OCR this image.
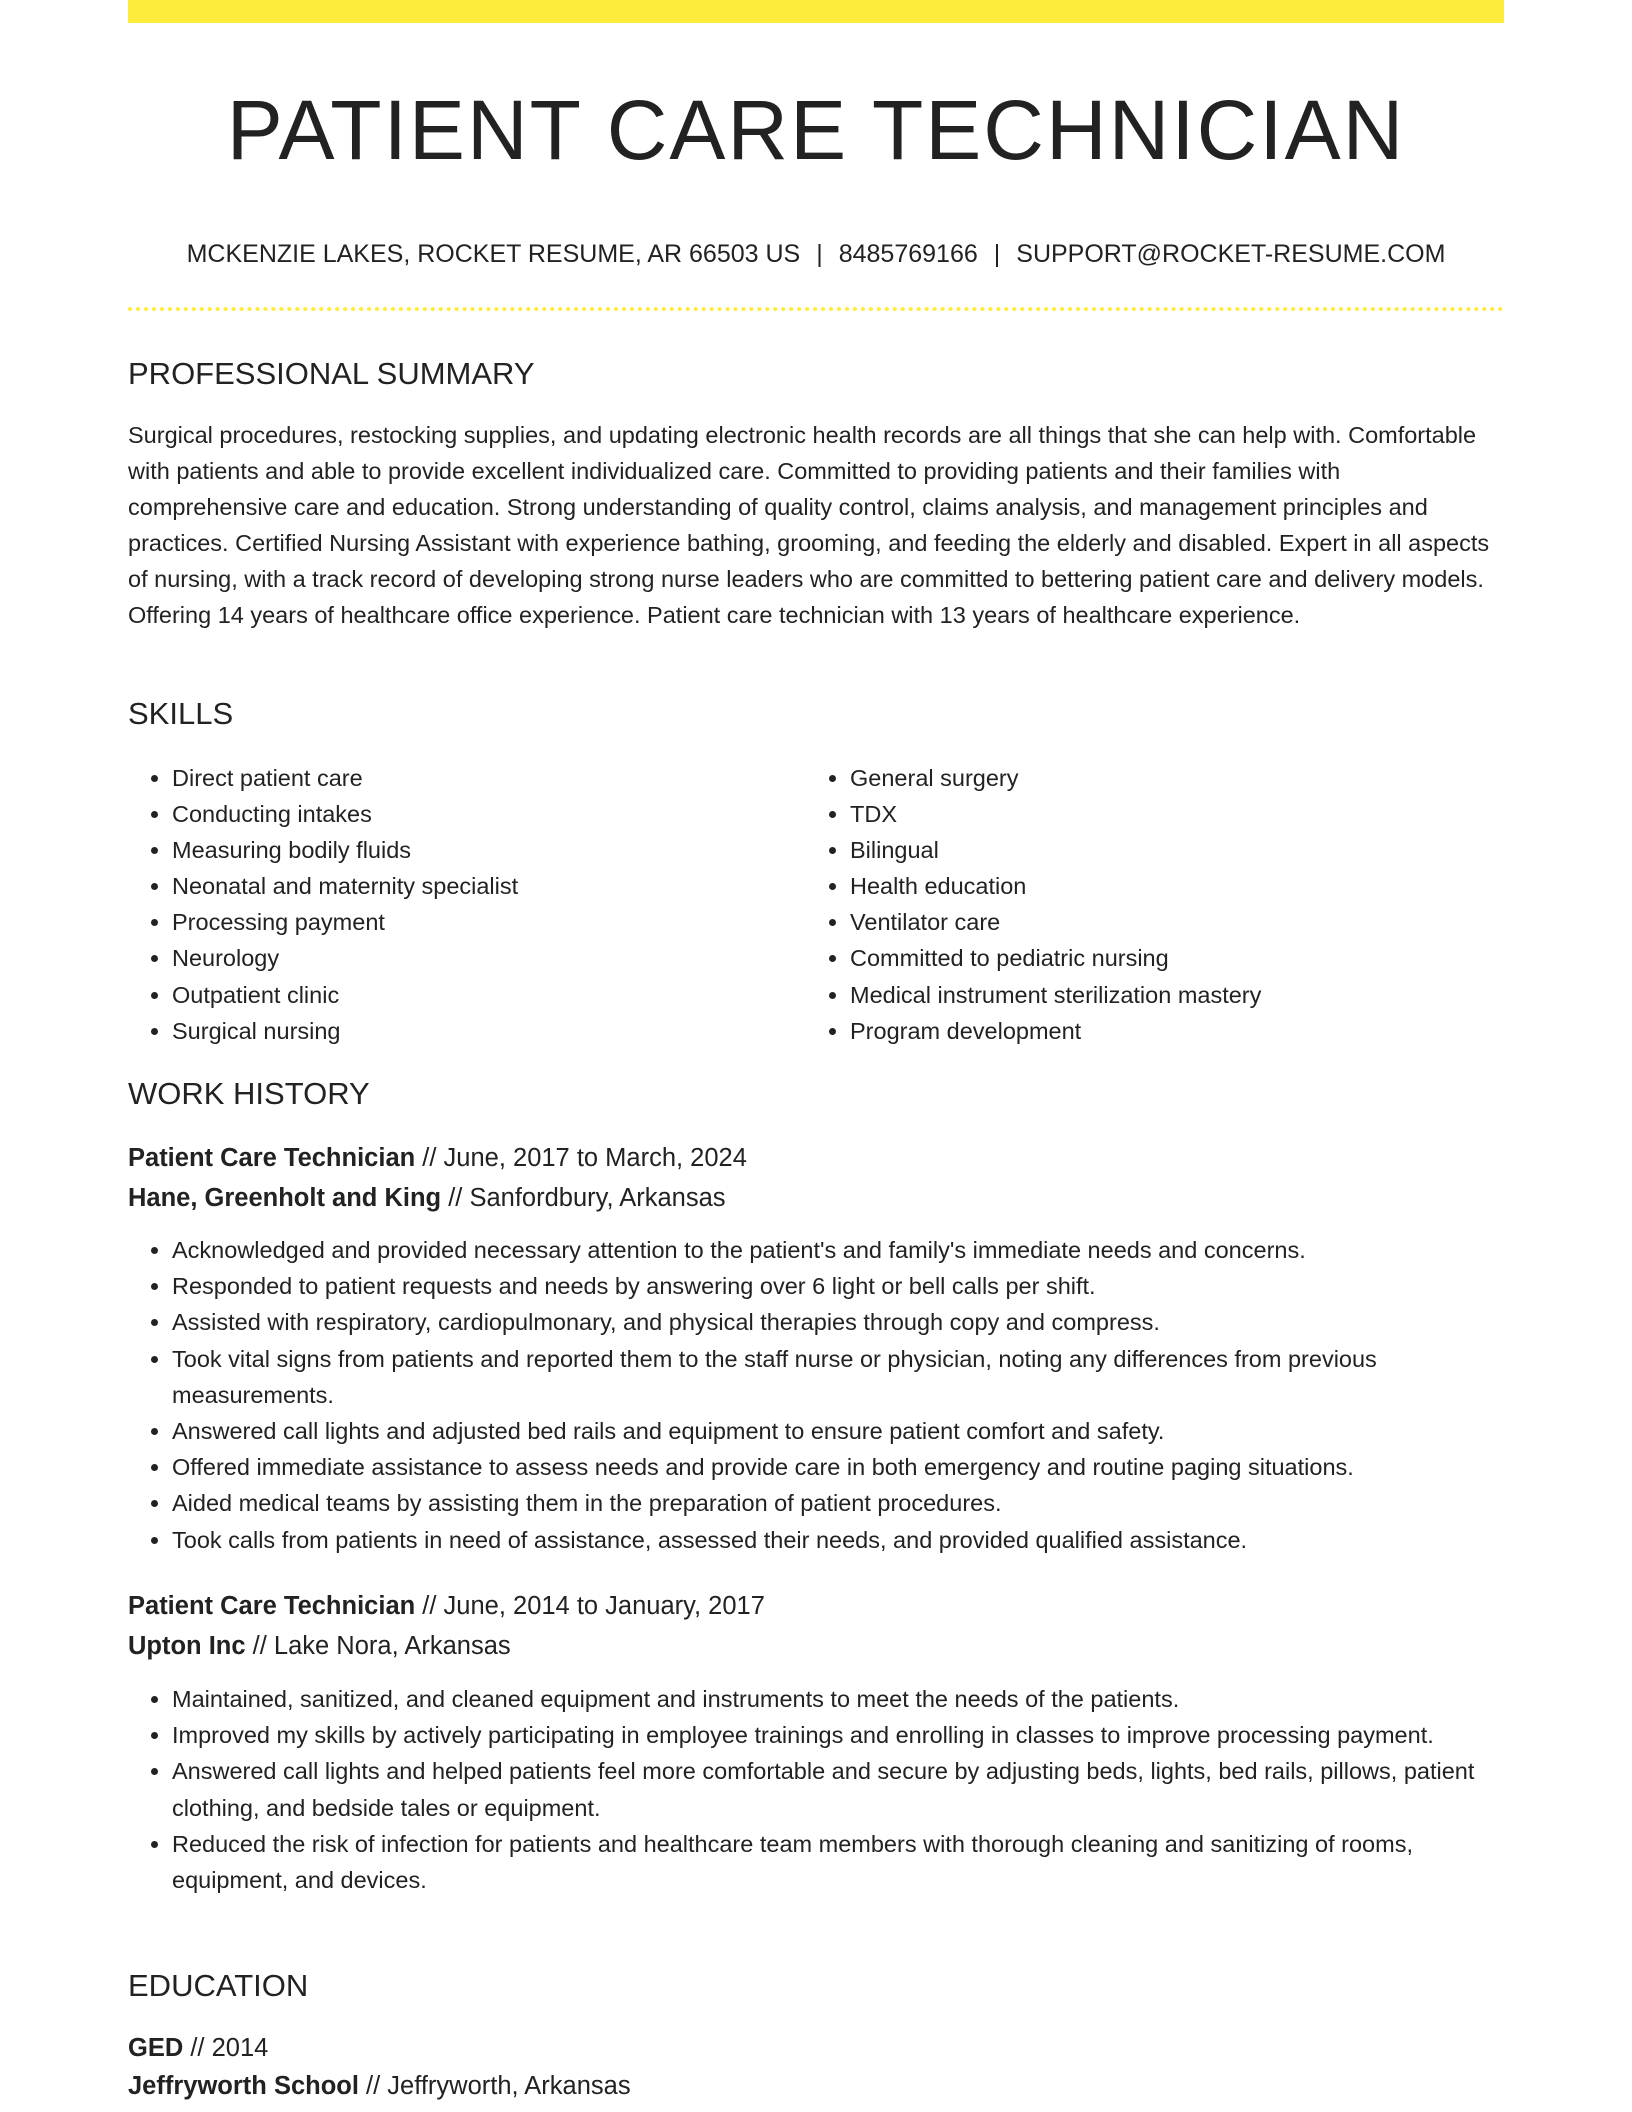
PATIENT CARE TECHNICIAN
MCKENZIE LAKES, ROCKET RESUME, AR 66503 US | 8485769166 | SUPPORT@ROCKET-RESUME.COM
PROFESSIONAL SUMMARY

Surgical procedures, restocking supplies, and updating electronic health records are all things that she can help with. Comfortable with patients and able to provide excellent individualized care. Committed to providing patients and their families with comprehensive care and education. Strong understanding of quality control, claims analysis, and management principles and practices. Certified Nursing Assistant with experience bathing, grooming, and feeding the elderly and disabled. Expert in all aspects of nursing, with a track record of developing strong nurse leaders who are committed to bettering patient care and delivery models. Offering 14 years of healthcare office experience. Patient care technician with 13 years of healthcare experience.

SKILLS
• Direct patient care
• Conducting intakes
• Measuring bodily fluids
• Neonatal and maternity specialist
• Processing payment
• Neurology
• Outpatient clinic
• Surgical nursing
• General surgery
• TDX
• Bilingual
• Health education
• Ventilator care
• Committed to pediatric nursing
• Medical instrument sterilization mastery
• Program development
WORK HISTORY
Patient Care Technician // June, 2017 to March, 2024
Hane, Greenholt and King // Sanfordbury, Arkansas
• Acknowledged and provided necessary attention to the patient's and family's immediate needs and concerns.
• Responded to patient requests and needs by answering over 6 light or bell calls per shift.
• Assisted with respiratory, cardiopulmonary, and physical therapies through copy and compress.
• Took vital signs from patients and reported them to the staff nurse or physician, noting any differences from previous measurements.
• Answered call lights and adjusted bed rails and equipment to ensure patient comfort and safety.
• Offered immediate assistance to assess needs and provide care in both emergency and routine paging situations.
• Aided medical teams by assisting them in the preparation of patient procedures.
• Took calls from patients in need of assistance, assessed their needs, and provided qualified assistance.
Patient Care Technician // June, 2014 to January, 2017
Upton Inc // Lake Nora, Arkansas
• Maintained, sanitized, and cleaned equipment and instruments to meet the needs of the patients.
• Improved my skills by actively participating in employee trainings and enrolling in classes to improve processing payment.
• Answered call lights and helped patients feel more comfortable and secure by adjusting beds, lights, bed rails, pillows, patient clothing, and bedside tales or equipment.
• Reduced the risk of infection for patients and healthcare team members with thorough cleaning and sanitizing of rooms, equipment, and devices.
EDUCATION
GED // 2014
Jeffryworth School // Jeffryworth, Arkansas
